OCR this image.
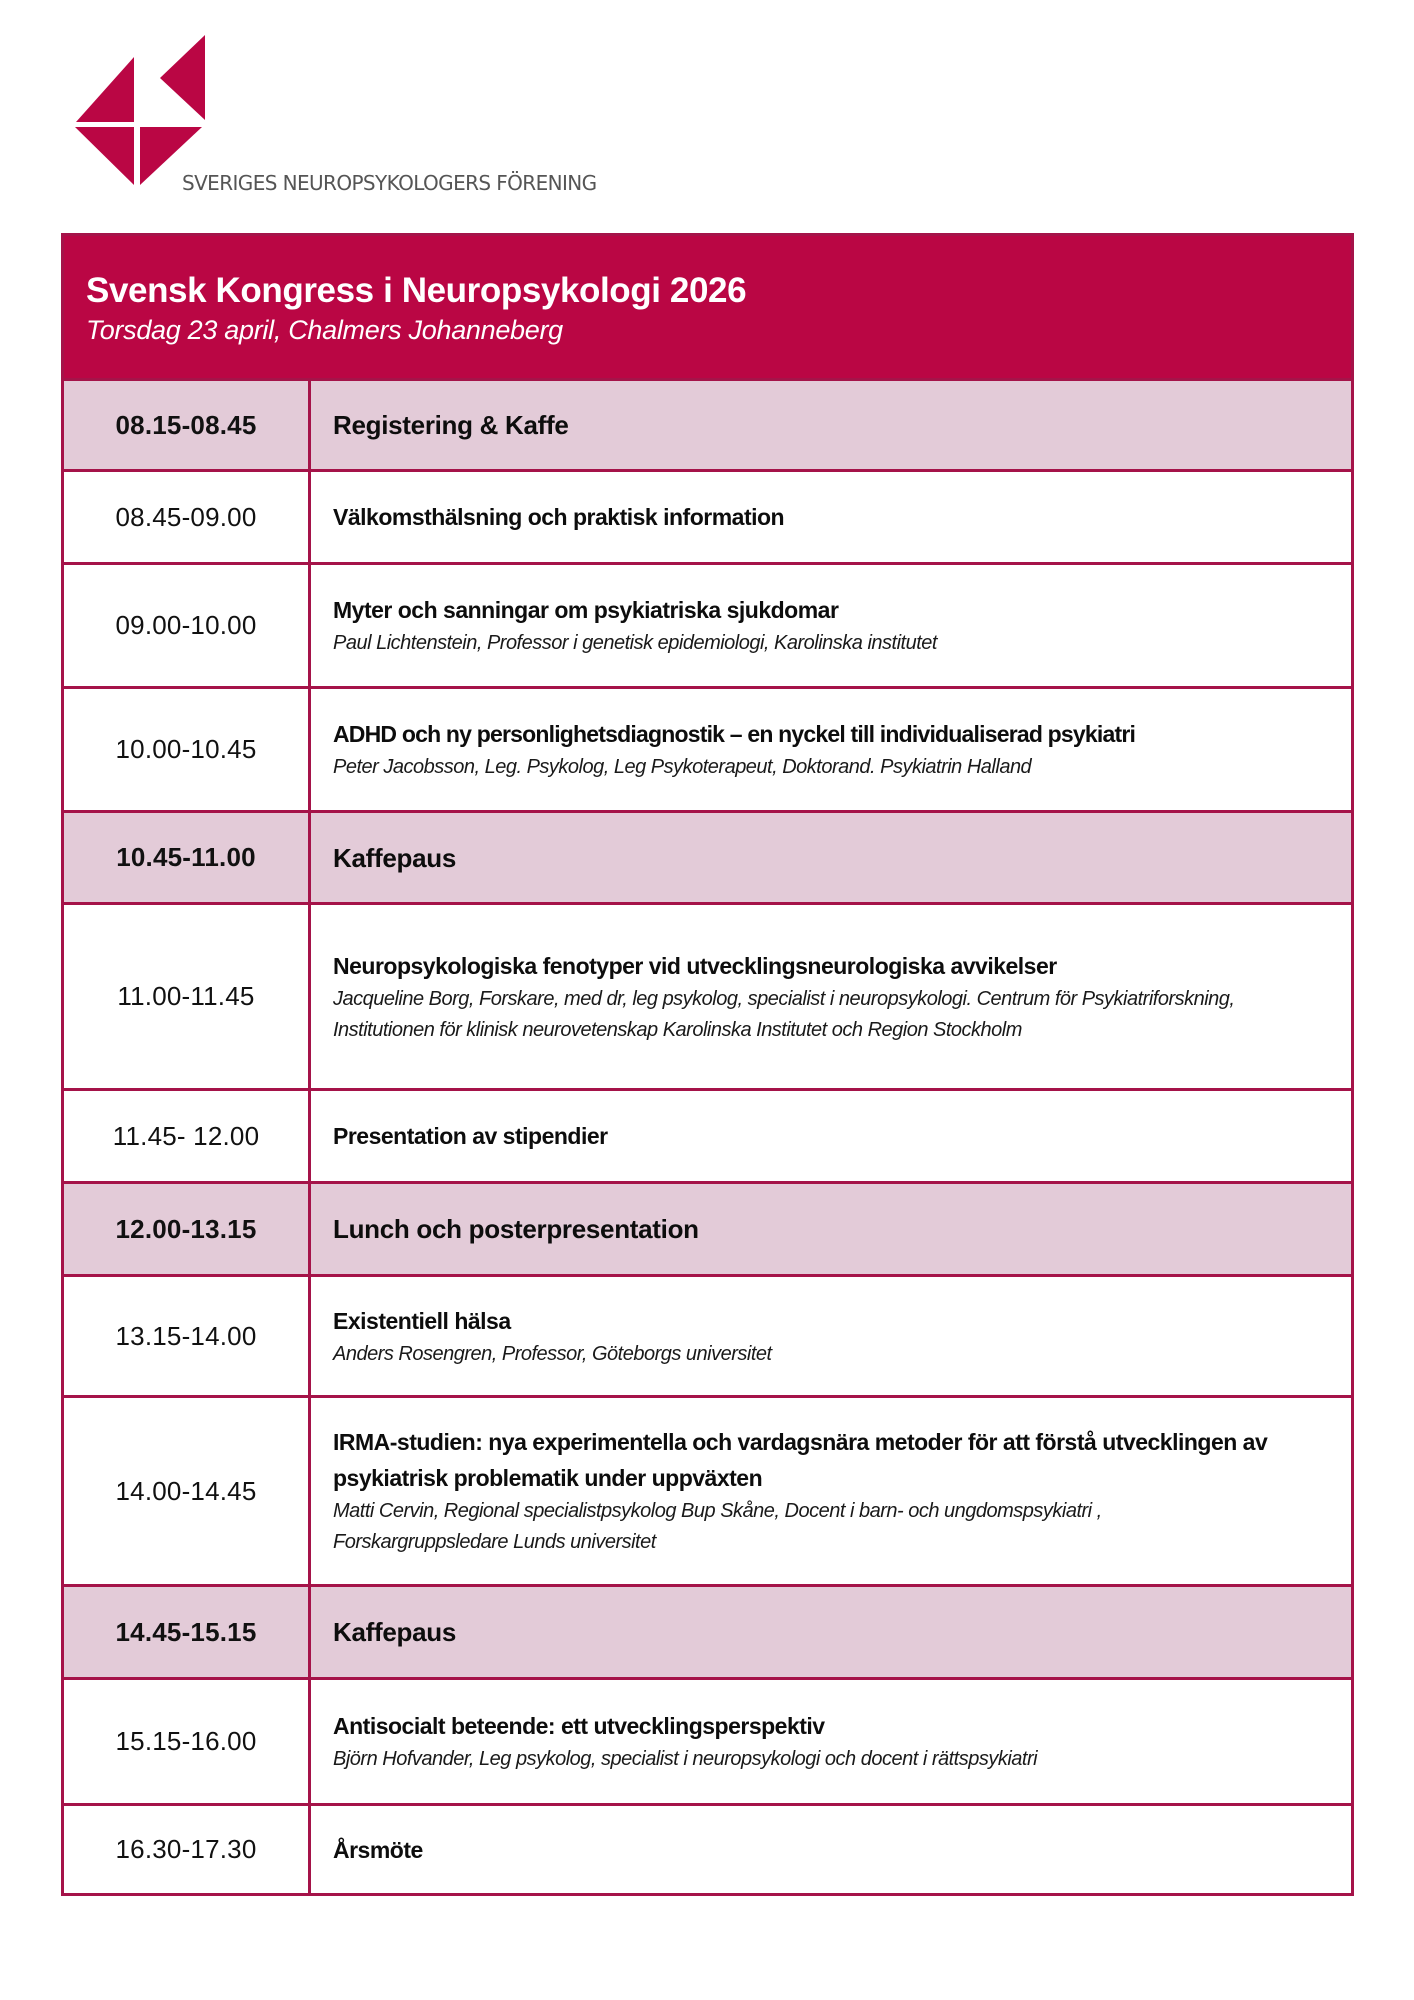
SVERIGES NEUROPSYKOLOGERS FÖRENING
Svensk Kongress i Neuropsykologi 2026
Torsdag 23 april, Chalmers Johanneberg
08.15-08.45	Registering & Kaffe
08.45-09.00	Välkomsthälsning och praktisk information
09.00-10.00	Myter och sanningar om psykiatriska sjukdomar
Paul Lichtenstein, Professor i genetisk epidemiologi, Karolinska institutet
10.00-10.45	ADHD och ny personlighetsdiagnostik – en nyckel till individualiserad psykiatri
Peter Jacobsson, Leg. Psykolog, Leg Psykoterapeut, Doktorand. Psykiatrin Halland
10.45-11.00	Kaffepaus
11.00-11.45
Neuropsykologiska fenotyper vid utvecklingsneurologiska avvikelser
Jacqueline Borg, Forskare, med dr, leg psykolog, specialist i neuropsykologi. Centrum för Psykiatriforskning, Institutionen för klinisk neurovetenskap Karolinska Institutet och Region Stockholm
11.45- 12.00	Presentation av stipendier
12.00-13.15	Lunch och posterpresentation
13.15-14.00	Existentiell hälsa
Anders Rosengren, Professor, Göteborgs universitet
14.00-14.45
IRMA-studien: nya experimentella och vardagsnära metoder för att förstå utvecklingen av psykiatrisk problematik under uppväxten
Matti Cervin, Regional specialistpsykolog Bup Skåne, Docent i barn- och ungdomspsykiatri , Forskargruppsledare Lunds universitet
14.45-15.15	Kaffepaus
15.15-16.00	Antisocialt beteende: ett utvecklingsperspektiv
Björn Hofvander, Leg psykolog, specialist i neuropsykologi och docent i rättspsykiatri
16.30-17.30	Årsmöte
